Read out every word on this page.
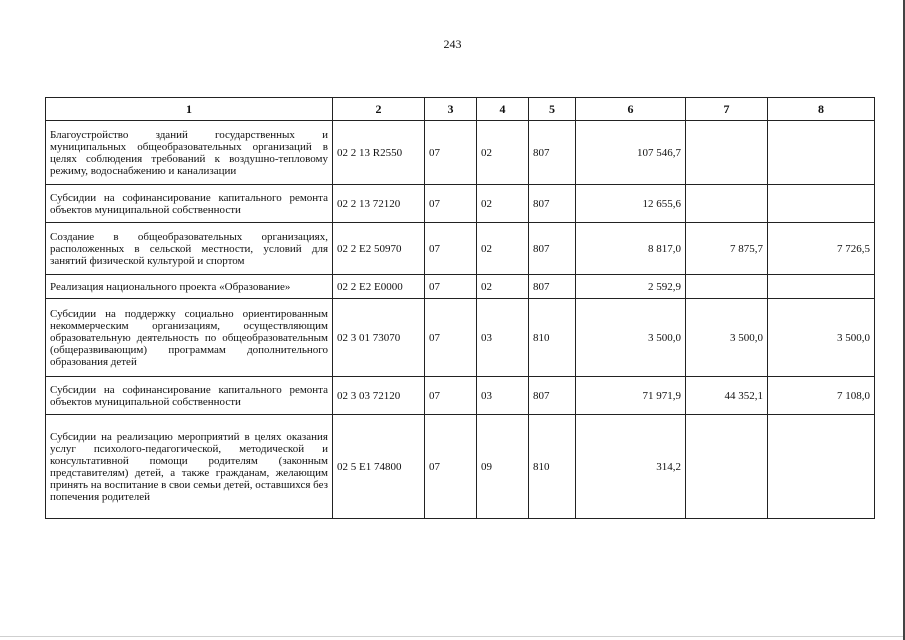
243
1	2	3	4	5	6	7	8
Благоустройство зданий государственных и муниципальных общеобразовательных организаций в целях соблюдения требований к воздушно-тепловому режиму, водоснабжению и канализации	02 2 13 R2550	07	02	807	107 546,7		
Субсидии на софинансирование капитального ремонта объектов муниципальной собственности	02 2 13 72120	07	02	807	12 655,6		
Создание в общеобразовательных организациях, расположенных в сельской местности, условий для занятий физической культурой и спортом	02 2 E2 50970	07	02	807	8 817,0	7 875,7	7 726,5
Реализация национального проекта «Образование»	02 2 E2 E0000	07	02	807	2 592,9		
Субсидии на поддержку социально ориентированным некоммерческим организациям, осуществляющим образовательную деятельность по общеобразовательным (общеразвивающим) программам дополнительного образования детей	02 3 01 73070	07	03	810	3 500,0	3 500,0	3 500,0
Субсидии на софинансирование капитального ремонта объектов муниципальной собственности	02 3 03 72120	07	03	807	71 971,9	44 352,1	7 108,0
Субсидии на реализацию мероприятий в целях оказания услуг психолого-педагогической, методической и консультативной помощи родителям (законным представителям) детей, а также гражданам, желающим принять на воспитание в свои семьи детей, оставшихся без попечения родителей	02 5 E1 74800	07	09	810	314,2		
